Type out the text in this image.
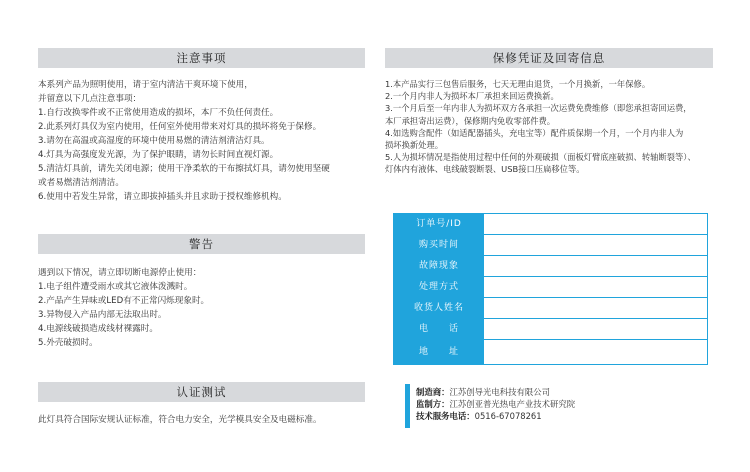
注意事项
本系列产品为照明使用，请于室内清洁干爽环境下使用，
并留意以下几点注意事项：
1.自行改换零件或不正常使用造成的损坏，本厂不负任何责任。
2.此系列灯具仅为室内使用，任何室外使用带来对灯具的损坏将免于保修。
3.请勿在高温或高湿度的环境中使用易燃的清洁剂清洁灯具。
4.灯具为高强度发光源，为了保护眼睛，请勿长时间直视灯源。
5.清洁灯具前，请先关闭电源；使用干净柔软的干布擦拭灯具，请勿使用坚硬
或者易燃清洁剂清洁。
6.使用中若发生异常，请立即拔掉插头并且求助于授权维修机构。
警告
遇到以下情况，请立即切断电源停止使用：
1.电子组件遭受雨水或其它液体泼溅时。
2.产品产生异味或LED有不正常闪烁现象时。
3.异物侵入产品内部无法取出时。
4.电源线破损造成线材裸露时。
5.外壳破损时。
认证测试
此灯具符合国际安规认证标准，符合电力安全，光学模具安全及电磁标准。
保修凭证及回寄信息
1.本产品实行三包售后服务，七天无理由退货，一个月换新，一年保修。
2.一个月内非人为损坏本厂承担来回运费换新。
3.一个月后至一年内非人为损坏双方各承担一次运费免费维修（即您承担寄回运费，
本厂承担寄出运费），保修期内免收零部件费。
4.如选购含配件（如适配器插头，充电宝等）配件质保期一个月，一个月内非人为
损坏换新处理。
5.人为损坏情况是指使用过程中任何的外观破损（面板灯臂底座破损、转轴断裂等）、
灯体内有液体、电线破裂断裂、USB接口压扁移位等。
订单号/ID
购买时间
故障现象
处理方式
收货人姓名
电　　话
地　　址
制造商：江苏创导光电科技有限公司
监制方：江苏创亚普光热电产业技术研究院
技术服务电话：0516-67078261
